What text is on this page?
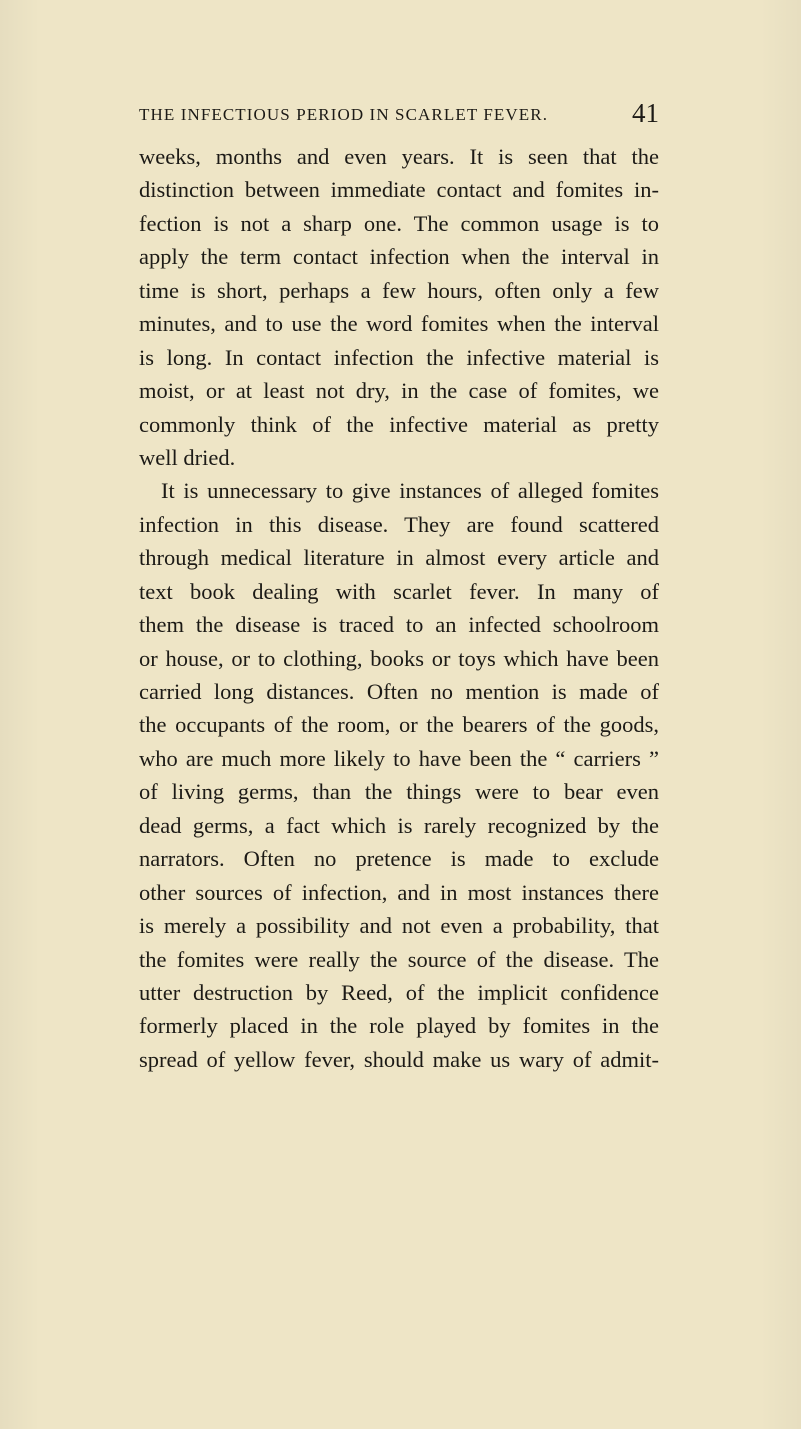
THE INFECTIOUS PERIOD IN SCARLET FEVER.	41
weeks, months and even years. It is seen that the
distinction between immediate contact and fomites in-
fection is not a sharp one. The common usage is to
apply the term contact infection when the interval in
time is short, perhaps a few hours, often only a few
minutes, and to use the word fomites when the interval
is long. In contact infection the infective material is
moist, or at least not dry, in the case of fomites, we
commonly think of the infective material as pretty
well dried.
It is unnecessary to give instances of alleged fomites
infection in this disease. They are found scattered
through medical literature in almost every article and
text book dealing with scarlet fever. In many of
them the disease is traced to an infected schoolroom
or house, or to clothing, books or toys which have been
carried long distances. Often no mention is made of
the occupants of the room, or the bearers of the goods,
who are much more likely to have been the “ carriers ”
of living germs, than the things were to bear even
dead germs, a fact which is rarely recognized by the
narrators. Often no pretence is made to exclude
other sources of infection, and in most instances there
is merely a possibility and not even a probability, that
the fomites were really the source of the disease. The
utter destruction by Reed, of the implicit confidence
formerly placed in the role played by fomites in the
spread of yellow fever, should make us wary of admit-
